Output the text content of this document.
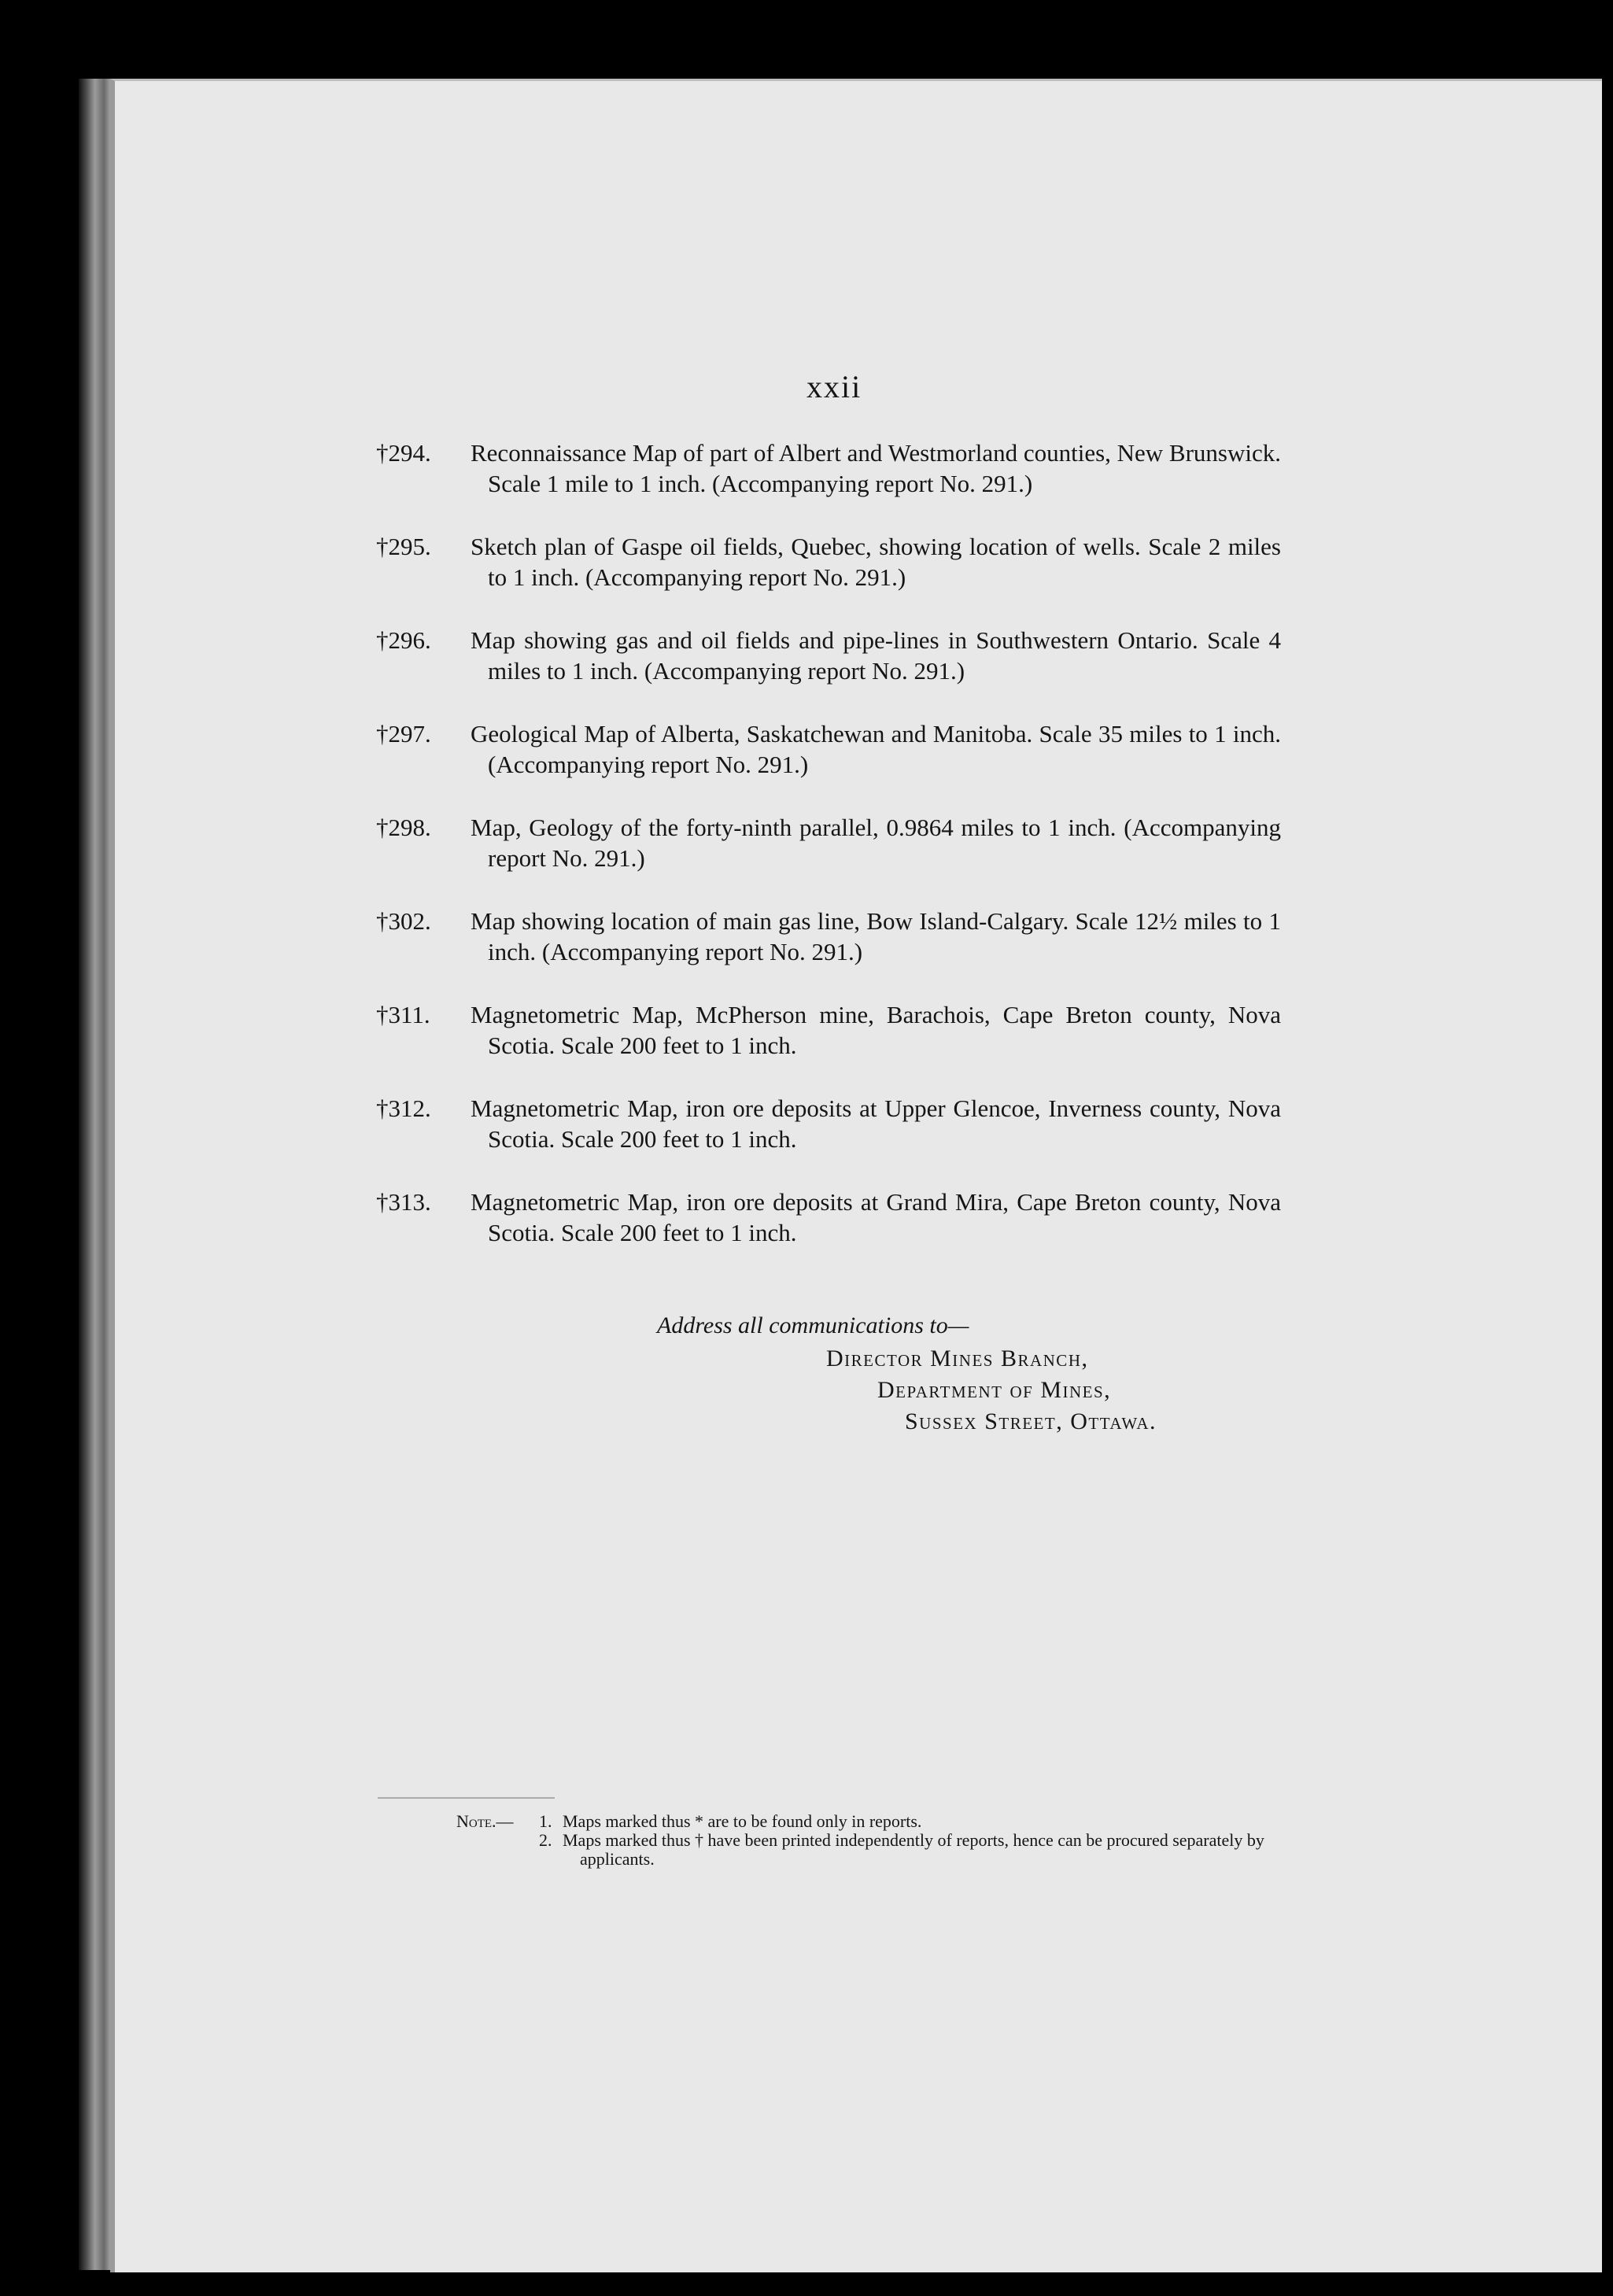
xxii
†294.	Reconnaissance Map of part of Albert and Westmorland counties, New Brunswick. Scale 1 mile to 1 inch. (Accompanying report No. 291.)
†295.	Sketch plan of Gaspe oil fields, Quebec, showing location of wells. Scale 2 miles to 1 inch. (Accompanying report No. 291.)
†296.	Map showing gas and oil fields and pipe-lines in Southwestern Ontario. Scale 4 miles to 1 inch. (Accompanying report No. 291.)
†297.	Geological Map of Alberta, Saskatchewan and Manitoba. Scale 35 miles to 1 inch. (Accompanying report No. 291.)
†298.	Map, Geology of the forty-ninth parallel, 0.9864 miles to 1 inch. (Accompanying report No. 291.)
†302.	Map showing location of main gas line, Bow Island-Calgary. Scale 12½ miles to 1 inch. (Accompanying report No. 291.)
†311.	Magnetometric Map, McPherson mine, Barachois, Cape Breton county, Nova Scotia. Scale 200 feet to 1 inch.
†312.	Magnetometric Map, iron ore deposits at Upper Glencoe, Inverness county, Nova Scotia. Scale 200 feet to 1 inch.
†313.	Magnetometric Map, iron ore deposits at Grand Mira, Cape Breton county, Nova Scotia. Scale 200 feet to 1 inch.
Address all communications to—
Director Mines Branch,
Department of Mines,
Sussex Street, Ottawa.
Note.— 1. Maps marked thus * are to be found only in reports.
2. Maps marked thus † have been printed independently of reports, hence can be procured separately by applicants.
